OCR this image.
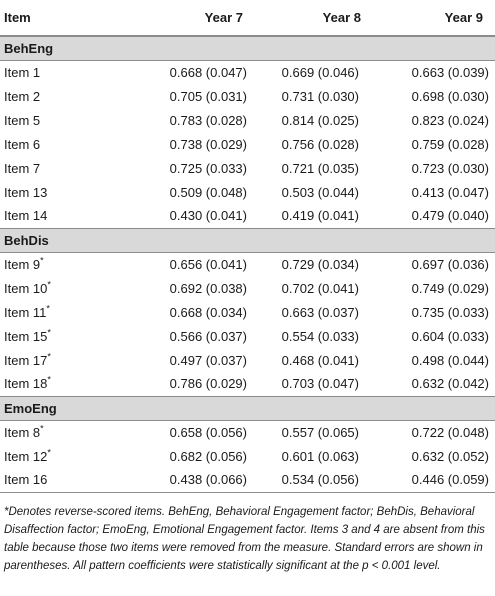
Item	Year 7	Year 8	Year 9
BehEng			
Item 1	0.668 (0.047)	0.669 (0.046)	0.663 (0.039)
Item 2	0.705 (0.031)	0.731 (0.030)	0.698 (0.030)
Item 5	0.783 (0.028)	0.814 (0.025)	0.823 (0.024)
Item 6	0.738 (0.029)	0.756 (0.028)	0.759 (0.028)
Item 7	0.725 (0.033)	0.721 (0.035)	0.723 (0.030)
Item 13	0.509 (0.048)	0.503 (0.044)	0.413 (0.047)
Item 14	0.430 (0.041)	0.419 (0.041)	0.479 (0.040)
BehDis			
Item 9*	0.656 (0.041)	0.729 (0.034)	0.697 (0.036)
Item 10*	0.692 (0.038)	0.702 (0.041)	0.749 (0.029)
Item 11*	0.668 (0.034)	0.663 (0.037)	0.735 (0.033)
Item 15*	0.566 (0.037)	0.554 (0.033)	0.604 (0.033)
Item 17*	0.497 (0.037)	0.468 (0.041)	0.498 (0.044)
Item 18*	0.786 (0.029)	0.703 (0.047)	0.632 (0.042)
EmoEng			
Item 8*	0.658 (0.056)	0.557 (0.065)	0.722 (0.048)
Item 12*	0.682 (0.056)	0.601 (0.063)	0.632 (0.052)
Item 16	0.438 (0.066)	0.534 (0.056)	0.446 (0.059)
*Denotes reverse-scored items. BehEng, Behavioral Engagement factor; BehDis, Behavioral Disaffection factor; EmoEng, Emotional Engagement factor. Items 3 and 4 are absent from this table because those two items were removed from the measure. Standard errors are shown in parentheses. All pattern coefficients were statistically significant at the p < 0.001 level.
